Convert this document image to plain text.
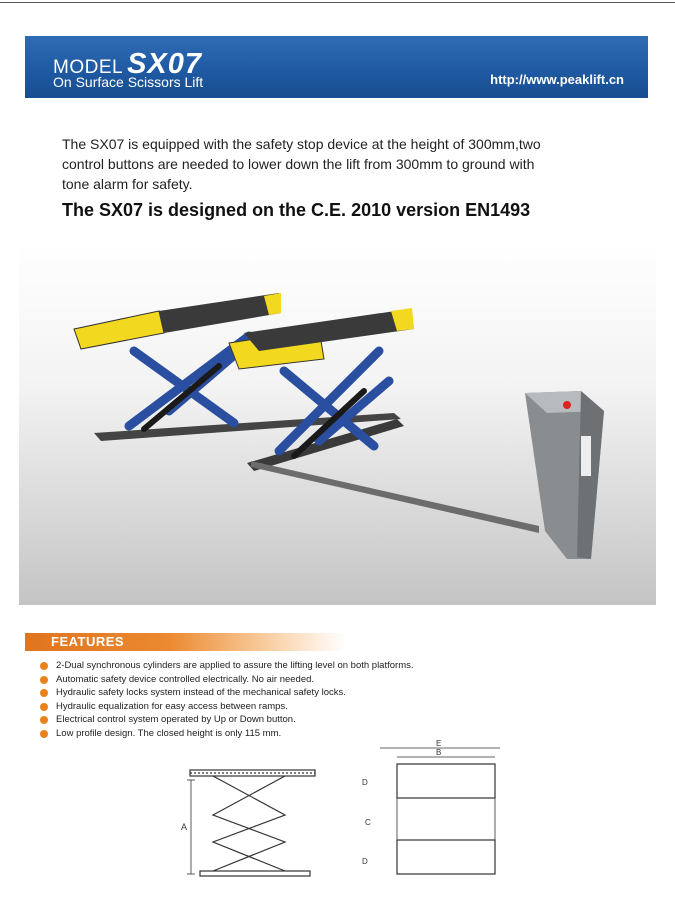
MODEL SX07
On Surface Scissors Lift	http://www.peaklift.cn
The SX07 is equipped with the safety stop device at the height of 300mm,two control buttons are needed to lower down the lift from 300mm to ground with tone alarm for safety.
The SX07 is designed on the C.E. 2010 version EN1493
FEATURES
2-Dual synchronous cylinders are applied to assure the lifting level on both platforms.
Automatic safety device controlled electrically. No air needed.
Hydraulic safety locks system instead of the mechanical safety locks.
Hydraulic equalization for easy access between ramps.
Electrical control system operated by Up or Down button.
Low profile design. The closed height is only 115 mm.
A
E
B
D
C
D
